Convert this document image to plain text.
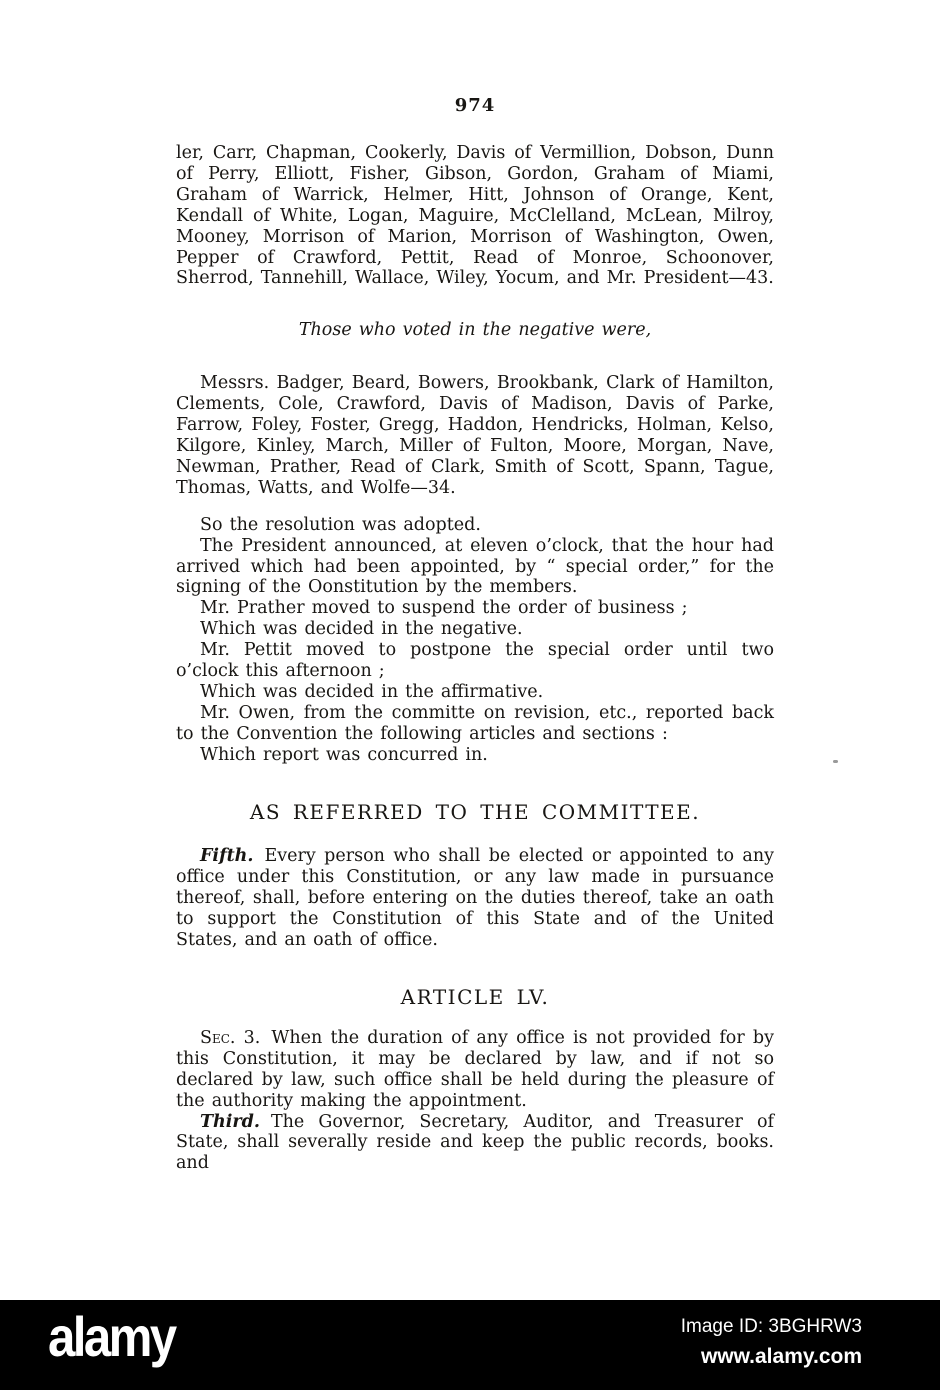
974

ler, Carr, Chapman, Cookerly, Davis of Vermillion, Dobson, Dunn of Perry, Elliott, Fisher, Gibson, Gordon, Graham of Miami, Graham of Warrick, Helmer, Hitt, Johnson of Orange, Kent, Kendall of White, Logan, Maguire, McClelland, McLean, Milroy, Mooney, Morrison of Marion, Morrison of Washington, Owen, Pepper of Crawford, Pettit, Read of Monroe, Schoonover, Sherrod, Tannehill, Wallace, Wiley, Yocum, and Mr. President—43.

Those who voted in the negative were,

Messrs. Badger, Beard, Bowers, Brookbank, Clark of Hamilton, Clements, Cole, Crawford, Davis of Madison, Davis of Parke, Farrow, Foley, Foster, Gregg, Haddon, Hendricks, Holman, Kelso, Kilgore, Kinley, March, Miller of Fulton, Moore, Morgan, Nave, Newman, Prather, Read of Clark, Smith of Scott, Spann, Tague, Thomas, Watts, and Wolfe—34.

So the resolution was adopted.

The President announced, at eleven o’clock, that the hour had arrived which had been appointed, by “ special order,” for the signing of the Oonstitution by the members.

Mr. Prather moved to suspend the order of business ;

Which was decided in the negative.

Mr. Pettit moved to postpone the special order until two o’clock this afternoon ;

Which was decided in the affirmative.

Mr. Owen, from the committe on revision, etc., reported back to the Convention the following articles and sections :

Which report was concurred in.

AS REFERRED TO THE COMMITTEE.

Fifth. Every person who shall be elected or appointed to any office under this Constitution, or any law made in pursuance thereof, shall, before entering on the duties thereof, take an oath to support the Constitution of this State and of the United States, and an oath of office.

ARTICLE LV.

Sec. 3. When the duration of any office is not provided for by this Constitution, it may be declared by law, and if not so declared by law, such office shall be held during the pleasure of the authority making the appointment.

Third. The Governor, Secretary, Auditor, and Treasurer of State, shall severally reside and keep the public records, books. and

alamy	Image ID: 3BGHRW3
www.alamy.com
